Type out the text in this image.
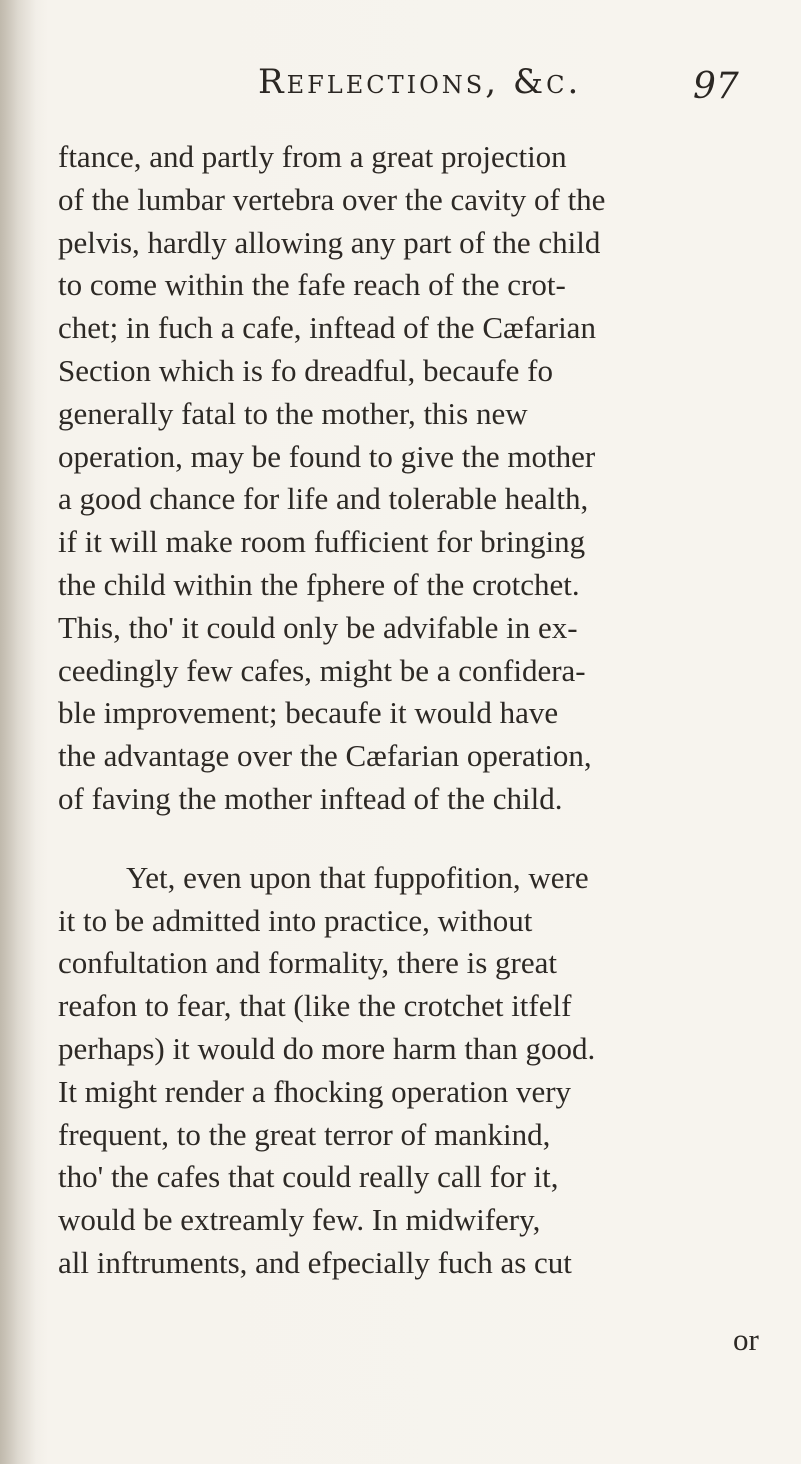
Reflections, &c.	97
ftance, and partly from a great projection
of the lumbar vertebra over the cavity of the
pelvis, hardly allowing any part of the child
to come within the fafe reach of the crot-
chet; in fuch a cafe, inftead of the Cæfarian
Section which is fo dreadful, becaufe fo
generally fatal to the mother, this new
operation, may be found to give the mother
a good chance for life and tolerable health,
if it will make room fufficient for bringing
the child within the fphere of the crotchet.
This, tho' it could only be advifable in ex-
ceedingly few cafes, might be a confidera-
ble improvement; becaufe it would have
the advantage over the Cæfarian operation,
of faving the mother inftead of the child.
Yet, even upon that fuppofition, were
it to be admitted into practice, without
confultation and formality, there is great
reafon to fear, that (like the crotchet itfelf
perhaps) it would do more harm than good.
It might render a fhocking operation very
frequent, to the great terror of mankind,
tho' the cafes that could really call for it,
would be extreamly few. In midwifery,
all inftruments, and efpecially fuch as cut
or
